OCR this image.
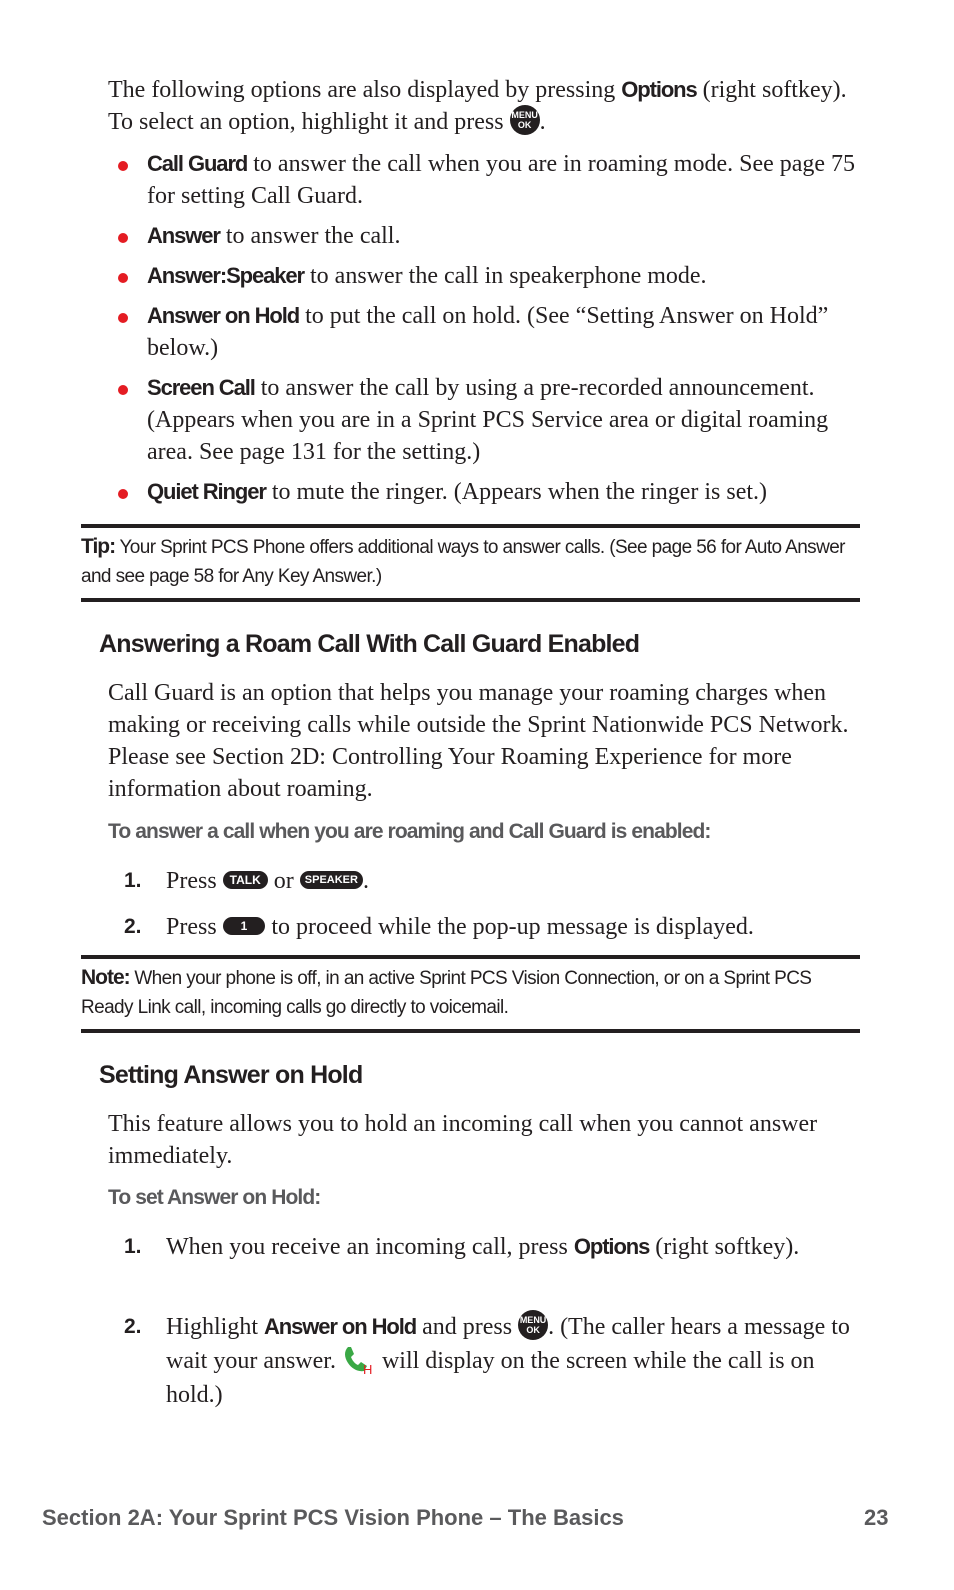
The following options are also displayed by pressing Options (right softkey). To select an option, highlight it and press MENU
OK .
Call Guard to answer the call when you are in roaming mode. See page 75 for setting Call Guard.
Answer to answer the call.
Answer:Speaker to answer the call in speakerphone mode.
Answer on Hold to put the call on hold. (See “Setting Answer on Hold” below.)
Screen Call to answer the call by using a pre-recorded announcement. (Appears when you are in a Sprint PCS Service area or digital roaming area. See page 131 for the setting.)
Quiet Ringer to mute the ringer. (Appears when the ringer is set.)
Tip: Your Sprint PCS Phone offers additional ways to answer calls. (See page 56 for Auto Answer and see page 58 for Any Key Answer.)
Answering a Roam Call With Call Guard Enabled
Call Guard is an option that helps you manage your roaming charges when making or receiving calls while outside the Sprint Nationwide PCS Network. Please see Section 2D: Controlling Your Roaming Experience for more information about roaming.
To answer a call when you are roaming and Call Guard is enabled:
1. Press TALK or SPEAKER .
2. Press 1 to proceed while the pop-up message is displayed.
Note: When your phone is off, in an active Sprint PCS Vision Connection, or on a Sprint PCS Ready Link call, incoming calls go directly to voicemail.
Setting Answer on Hold
This feature allows you to hold an incoming call when you cannot answer immediately.
To set Answer on Hold:
1. When you receive an incoming call, press Options (right softkey).
2. Highlight Answer on Hold and press MENU
OK . (The caller hears a message to wait your answer. H will display on the screen while the call is on hold.)
Section 2A: Your Sprint PCS Vision Phone – The Basics	23
